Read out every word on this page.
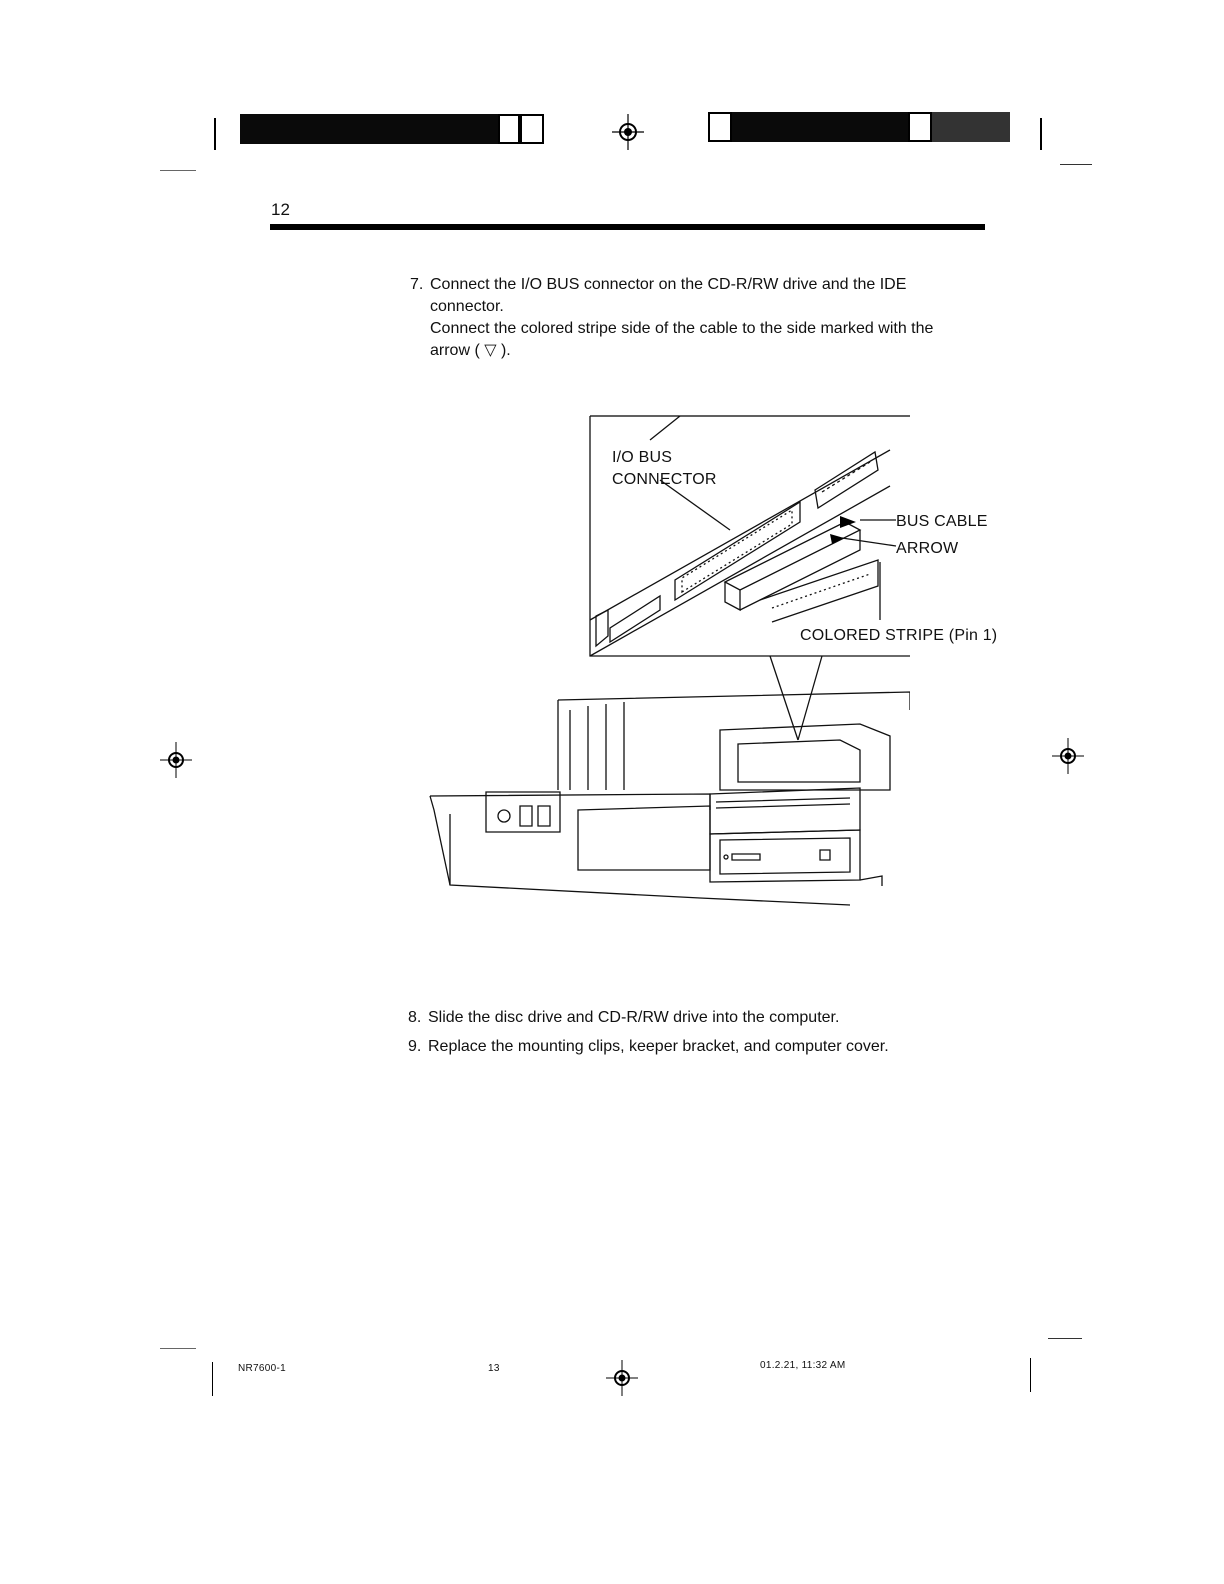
12
7. Connect the I/O BUS connector on the CD-R/RW drive and the IDE
connector.
Connect the colored stripe side of the cable to the side marked with the
arrow ( ▽ ).
I/O BUS
CONNECTOR
BUS CABLE
ARROW
COLORED STRIPE (Pin 1)
8. Slide the disc drive and CD-R/RW drive into the computer.
9. Replace the mounting clips, keeper bracket, and computer cover.
NR7600-1	13	01.2.21, 11:32 AM
